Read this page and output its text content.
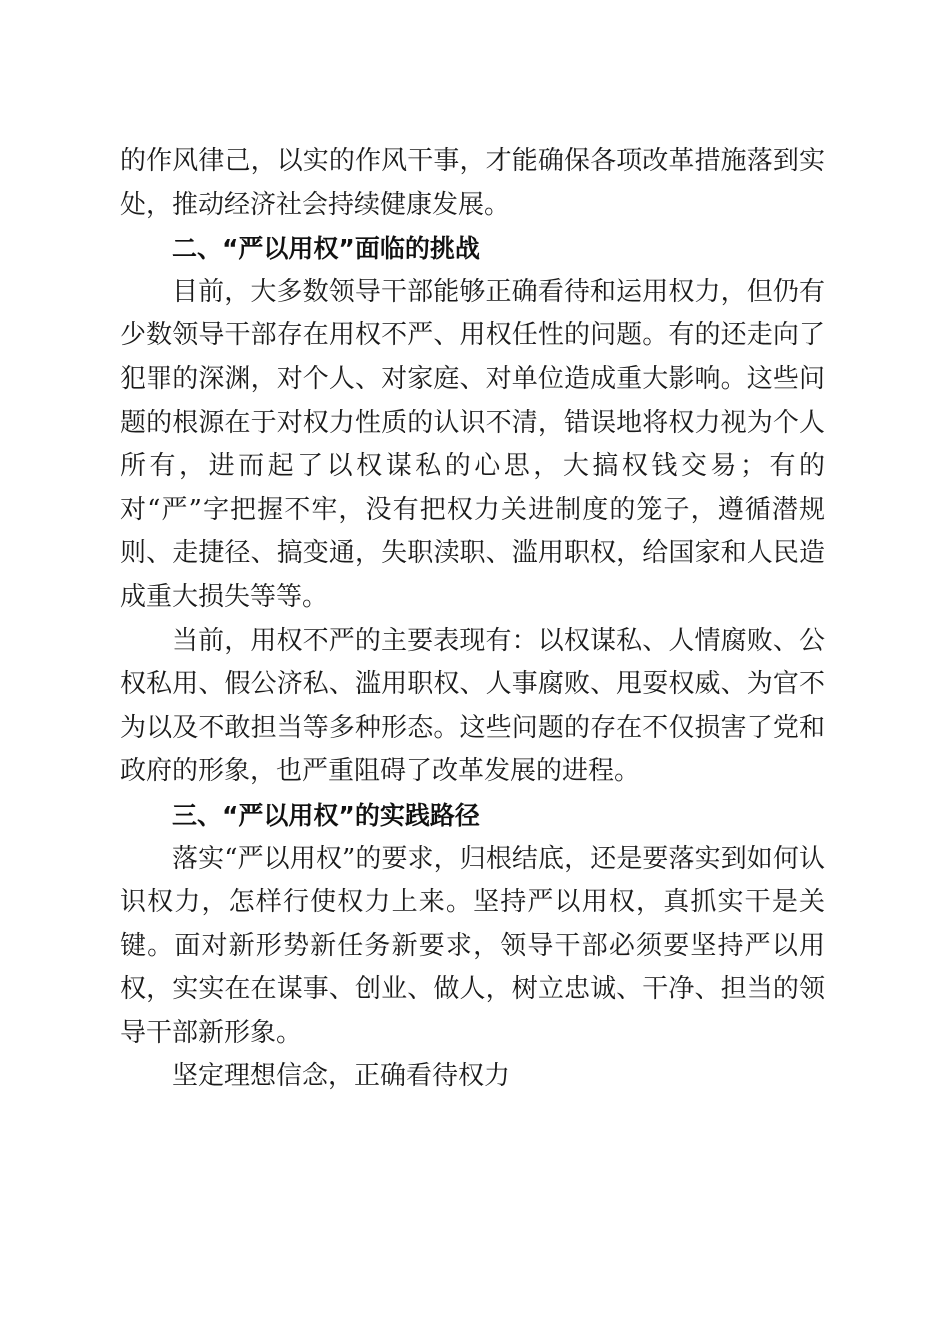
的作风律己，以实的作风干事，才能确保各项改革措施落到实处，推动经济社会持续健康发展。

二、“严以用权”面临的挑战

目前，大多数领导干部能够正确看待和运用权力，但仍有少数领导干部存在用权不严、用权任性的问题。有的还走向了犯罪的深渊，对个人、对家庭、对单位造成重大影响。这些问题的根源在于对权力性质的认识不清，错误地将权力视为个人所有，进而起了以权谋私的心思，大搞权钱交易；有的对“严”字把握不牢，没有把权力关进制度的笼子，遵循潜规则、走捷径、搞变通，失职渎职、滥用职权，给国家和人民造成重大损失等等。

当前，用权不严的主要表现有：以权谋私、人情腐败、公权私用、假公济私、滥用职权、人事腐败、甩耍权威、为官不为以及不敢担当等多种形态。这些问题的存在不仅损害了党和政府的形象，也严重阻碍了改革发展的进程。

三、“严以用权”的实践路径

落实“严以用权”的要求，归根结底，还是要落实到如何认识权力，怎样行使权力上来。坚持严以用权，真抓实干是关键。面对新形势新任务新要求，领导干部必须要坚持严以用权，实实在在谋事、创业、做人，树立忠诚、干净、担当的领导干部新形象。

坚定理想信念，正确看待权力
